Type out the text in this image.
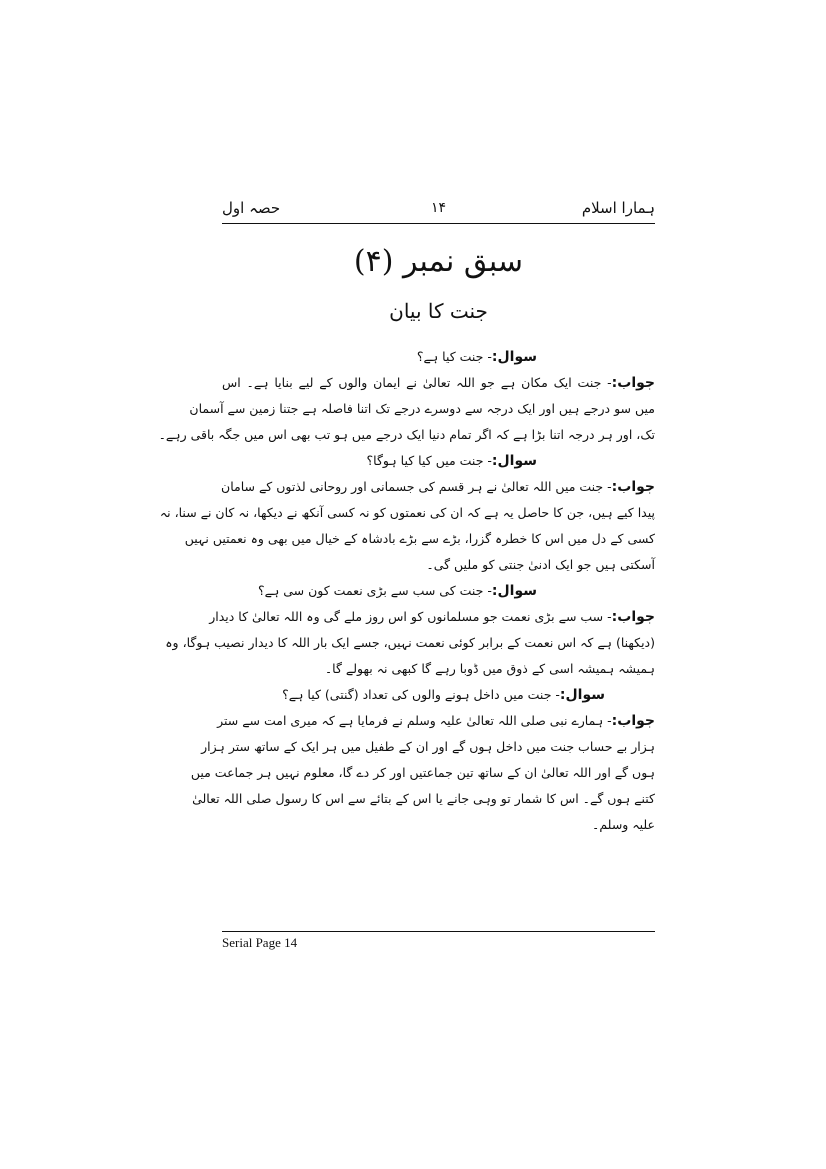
ہمارا اسلام
۱۴
حصہ اول
سبق نمبر (۴)
جنت کا بیان
سوال:- جنت کیا ہے؟
جواب:- جنت ایک مکان ہے جو اللہ تعالیٰ نے ایمان والوں کے لیے بنایا ہے۔ اس
میں سو درجے ہیں اور ایک درجہ سے دوسرے درجے تک اتنا فاصلہ ہے جتنا زمین سے آسمان
تک، اور ہر درجہ اتنا بڑا ہے کہ اگر تمام دنیا ایک درجے میں ہو تب بھی اس میں جگہ باقی رہے۔
سوال:- جنت میں کیا کیا ہوگا؟
جواب:- جنت میں اللہ تعالیٰ نے ہر قسم کی جسمانی اور روحانی لذتوں کے سامان
پیدا کیے ہیں، جن کا حاصل یہ ہے کہ ان کی نعمتوں کو نہ کسی آنکھ نے دیکھا، نہ کان نے سنا، نہ
کسی کے دل میں اس کا خطرہ گزرا، بڑے سے بڑے بادشاہ کے خیال میں بھی وہ نعمتیں نہیں
آسکتی ہیں جو ایک ادنیٰ جنتی کو ملیں گی۔
سوال:- جنت کی سب سے بڑی نعمت کون سی ہے؟
جواب:- سب سے بڑی نعمت جو مسلمانوں کو اس روز ملے گی وہ اللہ تعالیٰ کا دیدار
(دیکھنا) ہے کہ اس نعمت کے برابر کوئی نعمت نہیں، جسے ایک بار اللہ کا دیدار نصیب ہوگا، وہ
ہمیشہ ہمیشہ اسی کے ذوق میں ڈوبا رہے گا کبھی نہ بھولے گا۔
سوال:- جنت میں داخل ہونے والوں کی تعداد (گنتی) کیا ہے؟
جواب:- ہمارے نبی صلی اللہ تعالیٰ علیہ وسلم نے فرمایا ہے کہ میری امت سے ستر
ہزار بے حساب جنت میں داخل ہوں گے اور ان کے طفیل میں ہر ایک کے ساتھ ستر ہزار
ہوں گے اور اللہ تعالیٰ ان کے ساتھ تین جماعتیں اور کر دے گا، معلوم نہیں ہر جماعت میں
کتنے ہوں گے۔ اس کا شمار تو وہی جانے یا اس کے بتائے سے اس کا رسول صلی اللہ تعالیٰ
علیہ وسلم۔
Serial Page 14
